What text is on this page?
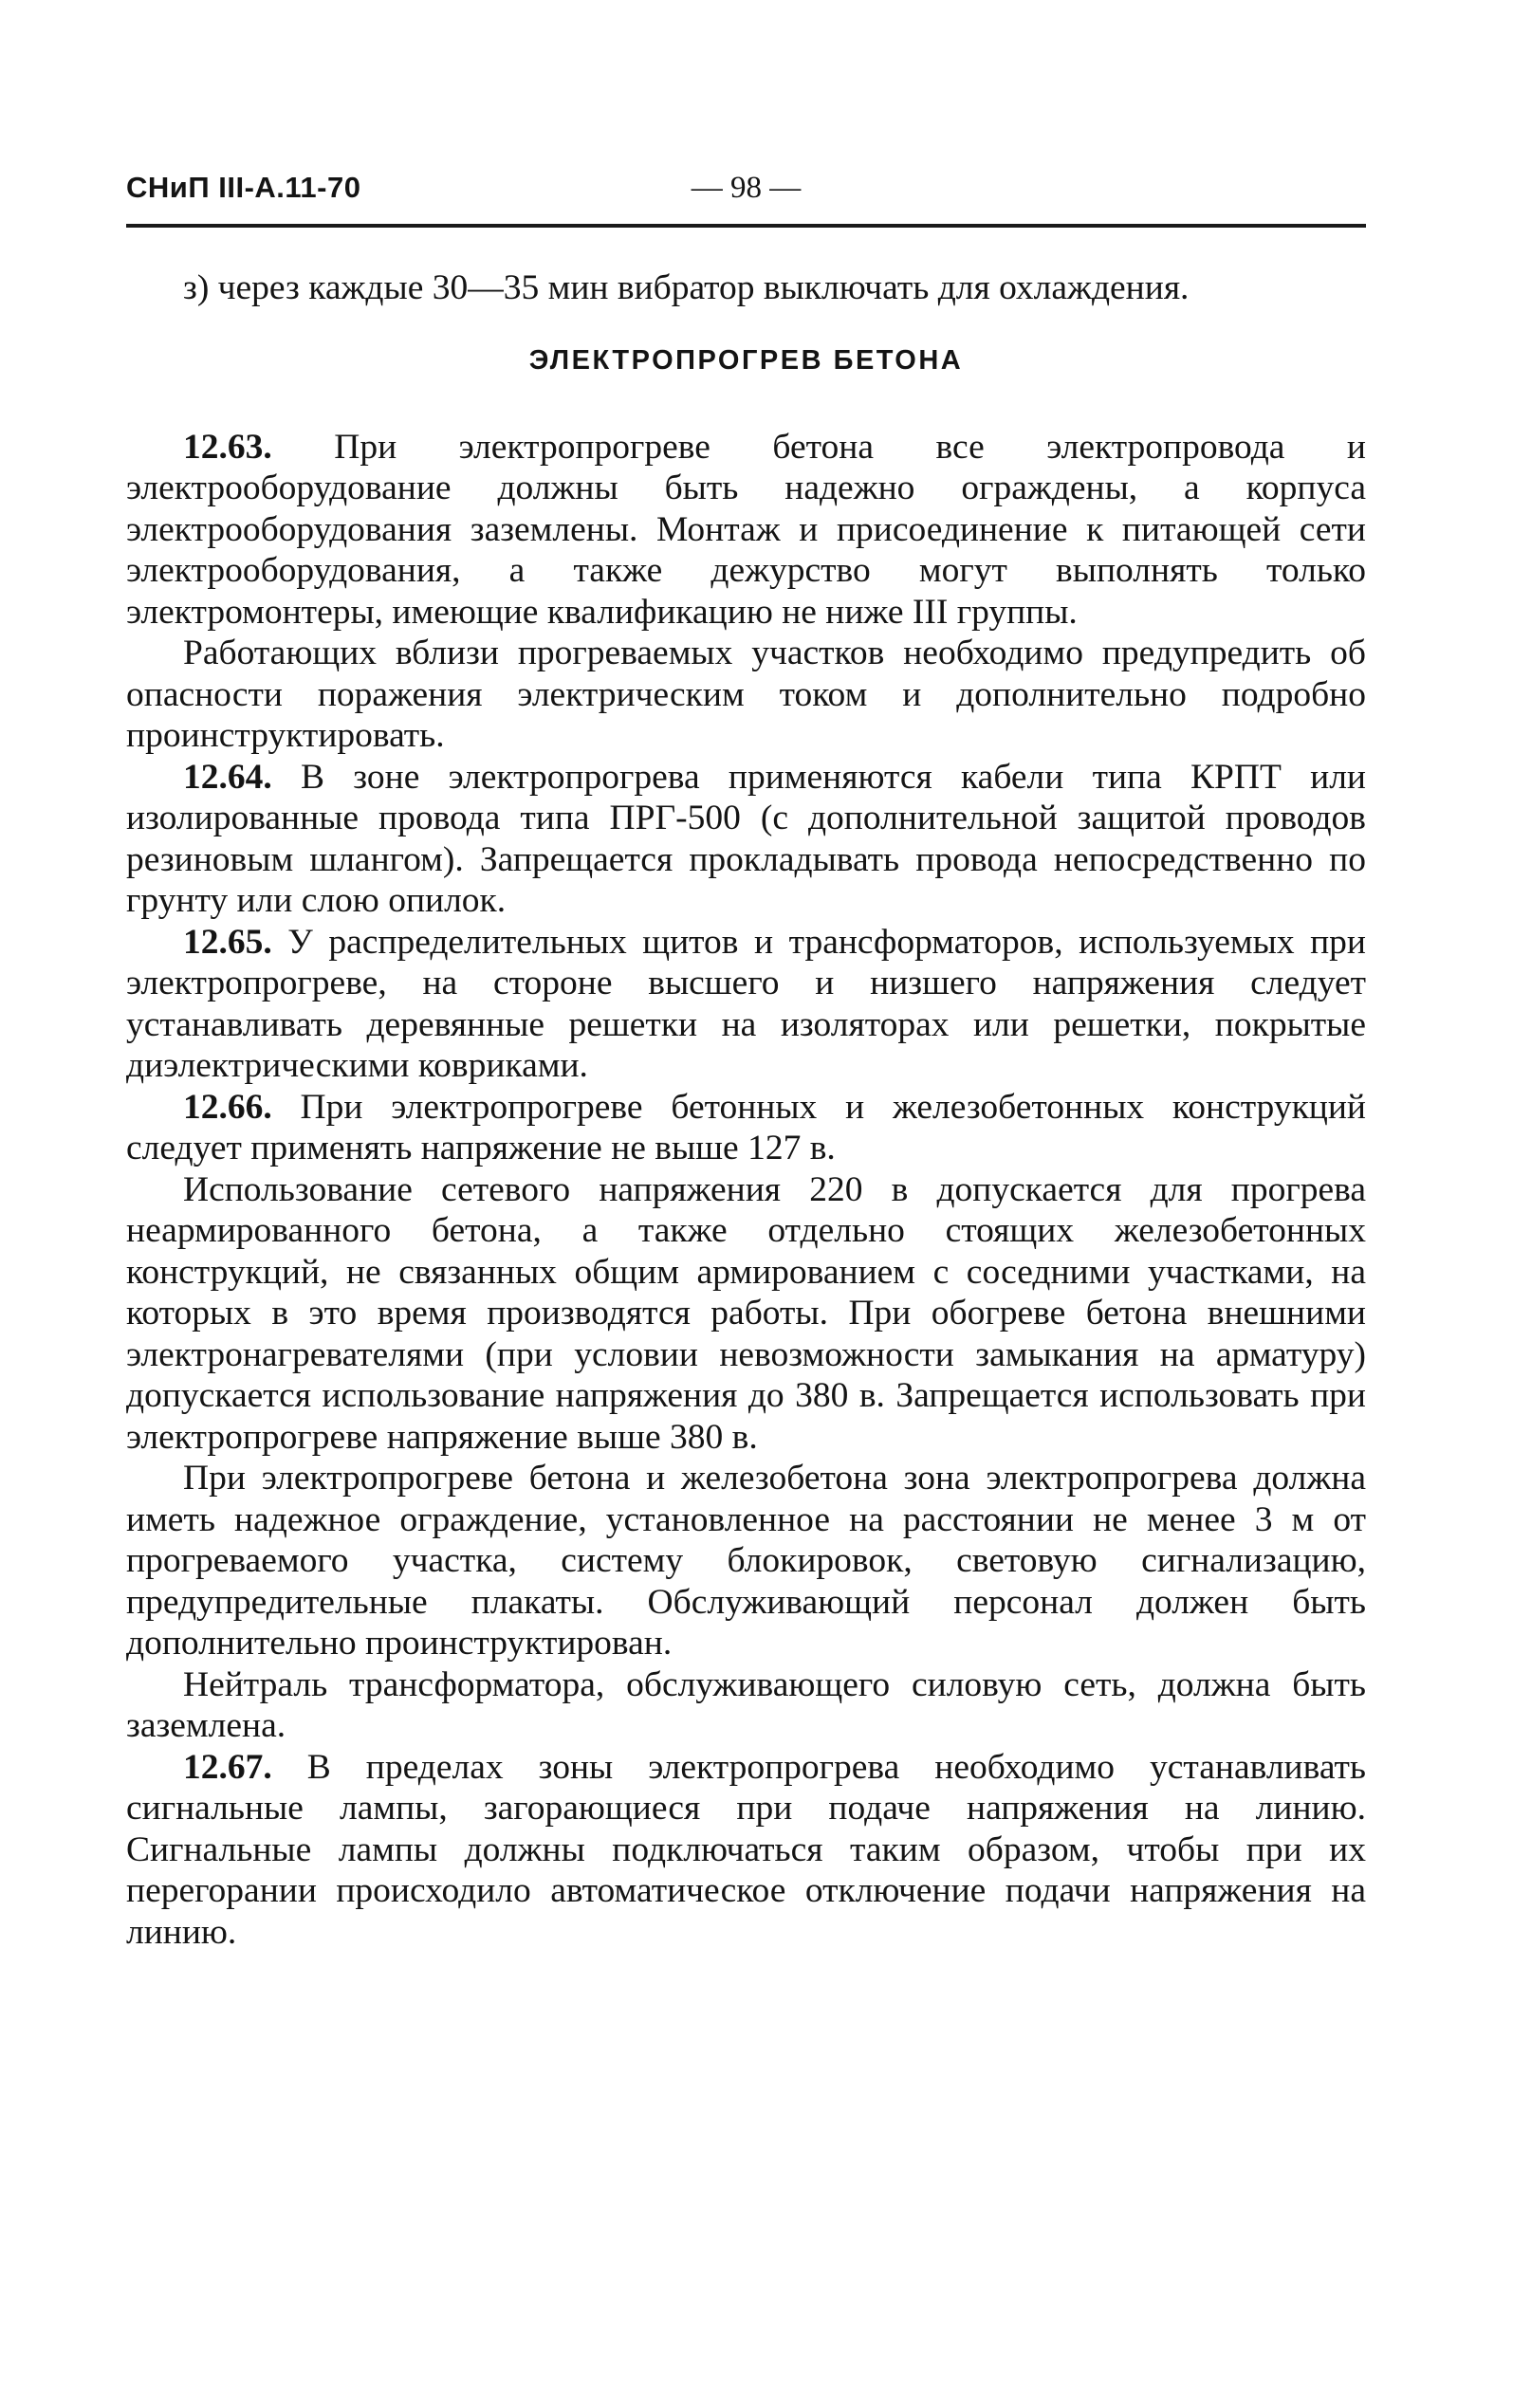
СНиП III-А.11-70	— 98 —

з) через каждые 30—35 мин вибратор выключать для охлаждения.

ЭЛЕКТРОПРОГРЕВ БЕТОНА

12.63. При электропрогреве бетона все электропровода и электрооборудование должны быть надежно ограждены, а корпуса электрооборудования заземлены. Монтаж и присоединение к питающей сети электрооборудования, а также дежурство могут выполнять только электромонтеры, имеющие квалификацию не ниже III группы.

Работающих вблизи прогреваемых участков необходимо предупредить об опасности поражения электрическим током и дополнительно подробно проинструктировать.

12.64. В зоне электропрогрева применяются кабели типа КРПТ или изолированные провода типа ПРГ-500 (с дополнительной защитой проводов резиновым шлангом). Запрещается прокладывать провода непосредственно по грунту или слою опилок.

12.65. У распределительных щитов и трансформаторов, используемых при электропрогреве, на стороне высшего и низшего напряжения следует устанавливать деревянные решетки на изоляторах или решетки, покрытые диэлектрическими ковриками.

12.66. При электропрогреве бетонных и железобетонных конструкций следует применять напряжение не выше 127 в.

Использование сетевого напряжения 220 в допускается для прогрева неармированного бетона, а также отдельно стоящих железобетонных конструкций, не связанных общим армированием с соседними участками, на которых в это время производятся работы. При обогреве бетона внешними электронагревателями (при условии невозможности замыкания на арматуру) допускается использование напряжения до 380 в. Запрещается использовать при электропрогреве напряжение выше 380 в.

При электропрогреве бетона и железобетона зона электропрогрева должна иметь надежное ограждение, установленное на расстоянии не менее 3 м от прогреваемого участка, систему блокировок, световую сигнализацию, предупредительные плакаты. Обслуживающий персонал должен быть дополнительно проинструктирован.

Нейтраль трансформатора, обслуживающего силовую сеть, должна быть заземлена.

12.67. В пределах зоны электропрогрева необходимо устанавливать сигнальные лампы, загорающиеся при подаче напряжения на линию. Сигнальные лампы должны подключаться таким образом, чтобы при их перегорании происходило автоматическое отключение подачи напряжения на линию.
